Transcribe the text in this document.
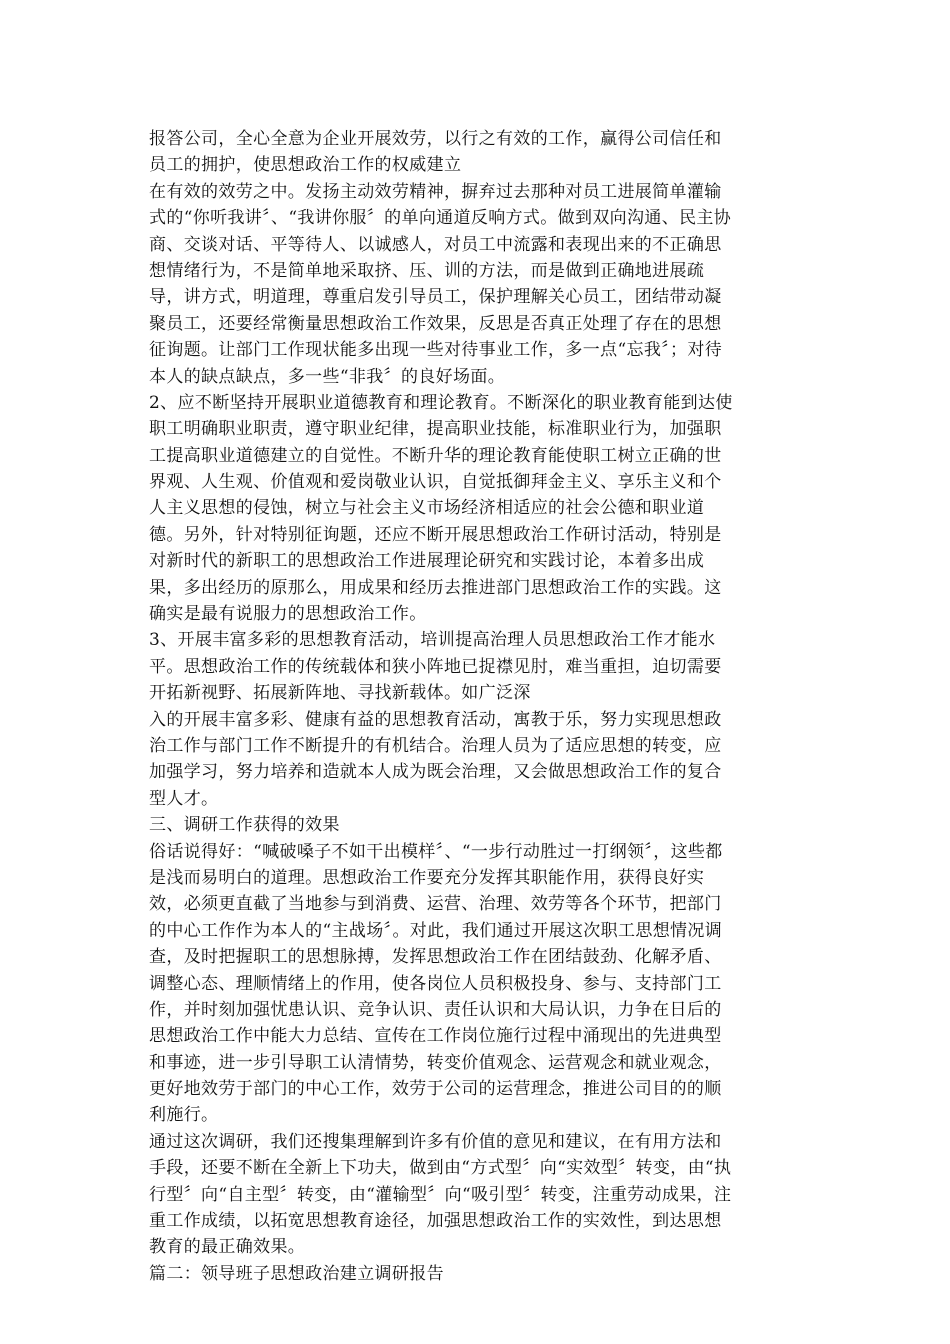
报答公司，全心全意为企业开展效劳，以行之有效的工作，赢得公司信任和
员工的拥护，使思想政治工作的权威建立
在有效的效劳之中。发扬主动效劳精神，摒弃过去那种对员工进展简单灌输
式的“你听我讲〞、“我讲你服〞的单向通道反响方式。做到双向沟通、民主协
商、交谈对话、平等待人、以诚感人，对员工中流露和表现出来的不正确思
想情绪行为，不是简单地采取挤、压、训的方法，而是做到正确地进展疏
导，讲方式，明道理，尊重启发引导员工，保护理解关心员工，团结带动凝
聚员工，还要经常衡量思想政治工作效果，反思是否真正处理了存在的思想
征询题。让部门工作现状能多出现一些对待事业工作，多一点“忘我〞；对待
本人的缺点缺点，多一些“非我〞的良好场面。
2、应不断坚持开展职业道德教育和理论教育。不断深化的职业教育能到达使
职工明确职业职责，遵守职业纪律，提高职业技能，标准职业行为，加强职
工提高职业道德建立的自觉性。不断升华的理论教育能使职工树立正确的世
界观、人生观、价值观和爱岗敬业认识，自觉抵御拜金主义、享乐主义和个
人主义思想的侵蚀，树立与社会主义市场经济相适应的社会公德和职业道
德。另外，针对特别征询题，还应不断开展思想政治工作研讨活动，特别是
对新时代的新职工的思想政治工作进展理论研究和实践讨论，本着多出成
果，多出经历的原那么，用成果和经历去推进部门思想政治工作的实践。这
确实是最有说服力的思想政治工作。
3、开展丰富多彩的思想教育活动，培训提高治理人员思想政治工作才能水
平。思想政治工作的传统载体和狭小阵地已捉襟见肘，难当重担，迫切需要
开拓新视野、拓展新阵地、寻找新载体。如广泛深
入的开展丰富多彩、健康有益的思想教育活动，寓教于乐，努力实现思想政
治工作与部门工作不断提升的有机结合。治理人员为了适应思想的转变，应
加强学习，努力培养和造就本人成为既会治理，又会做思想政治工作的复合
型人才。
三、调研工作获得的效果
俗话说得好：“喊破嗓子不如干出模样〞、“一步行动胜过一打纲领〞，这些都
是浅而易明白的道理。思想政治工作要充分发挥其职能作用，获得良好实
效，必须更直截了当地参与到消费、运营、治理、效劳等各个环节，把部门
的中心工作作为本人的“主战场〞。对此，我们通过开展这次职工思想情况调
查，及时把握职工的思想脉搏，发挥思想政治工作在团结鼓劲、化解矛盾、
调整心态、理顺情绪上的作用，使各岗位人员积极投身、参与、支持部门工
作，并时刻加强忧患认识、竞争认识、责任认识和大局认识，力争在日后的
思想政治工作中能大力总结、宣传在工作岗位施行过程中涌现出的先进典型
和事迹，进一步引导职工认清情势，转变价值观念、运营观念和就业观念，
更好地效劳于部门的中心工作，效劳于公司的运营理念，推进公司目的的顺
利施行。
通过这次调研，我们还搜集理解到许多有价值的意见和建议，在有用方法和
手段，还要不断在全新上下功夫，做到由“方式型〞向“实效型〞转变，由“执
行型〞向“自主型〞转变，由“灌输型〞向“吸引型〞转变，注重劳动成果，注
重工作成绩，以拓宽思想教育途径，加强思想政治工作的实效性，到达思想
教育的最正确效果。
篇二：领导班子思想政治建立调研报告
